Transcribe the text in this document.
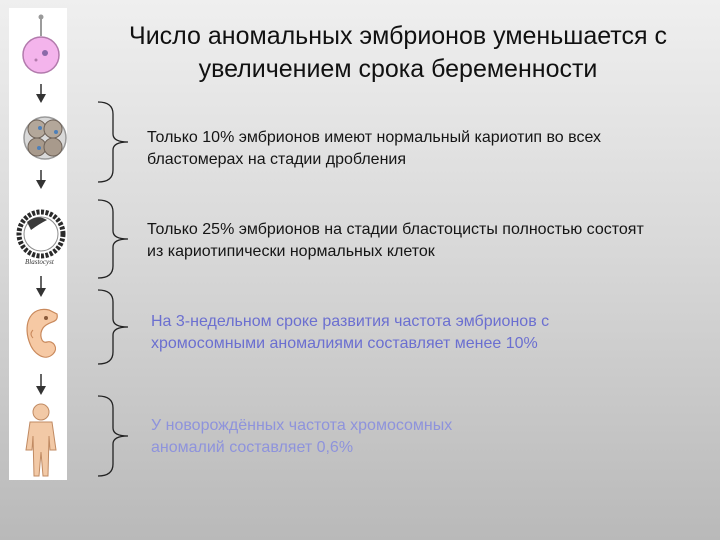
Blastocyst
Число аномальных эмбрионов уменьшается с
увеличением срока беременности
Только 10% эмбрионов имеют нормальный кариотип во всех
бластомерах на стадии дробления
Только 25% эмбрионов на стадии бластоцисты полностью состоят
из кариотипически нормальных клеток
На 3-недельном сроке развития частота эмбрионов с
хромосомными аномалиями составляет менее 10%
У новорождённых частота хромосомных
аномалий составляет 0,6%
